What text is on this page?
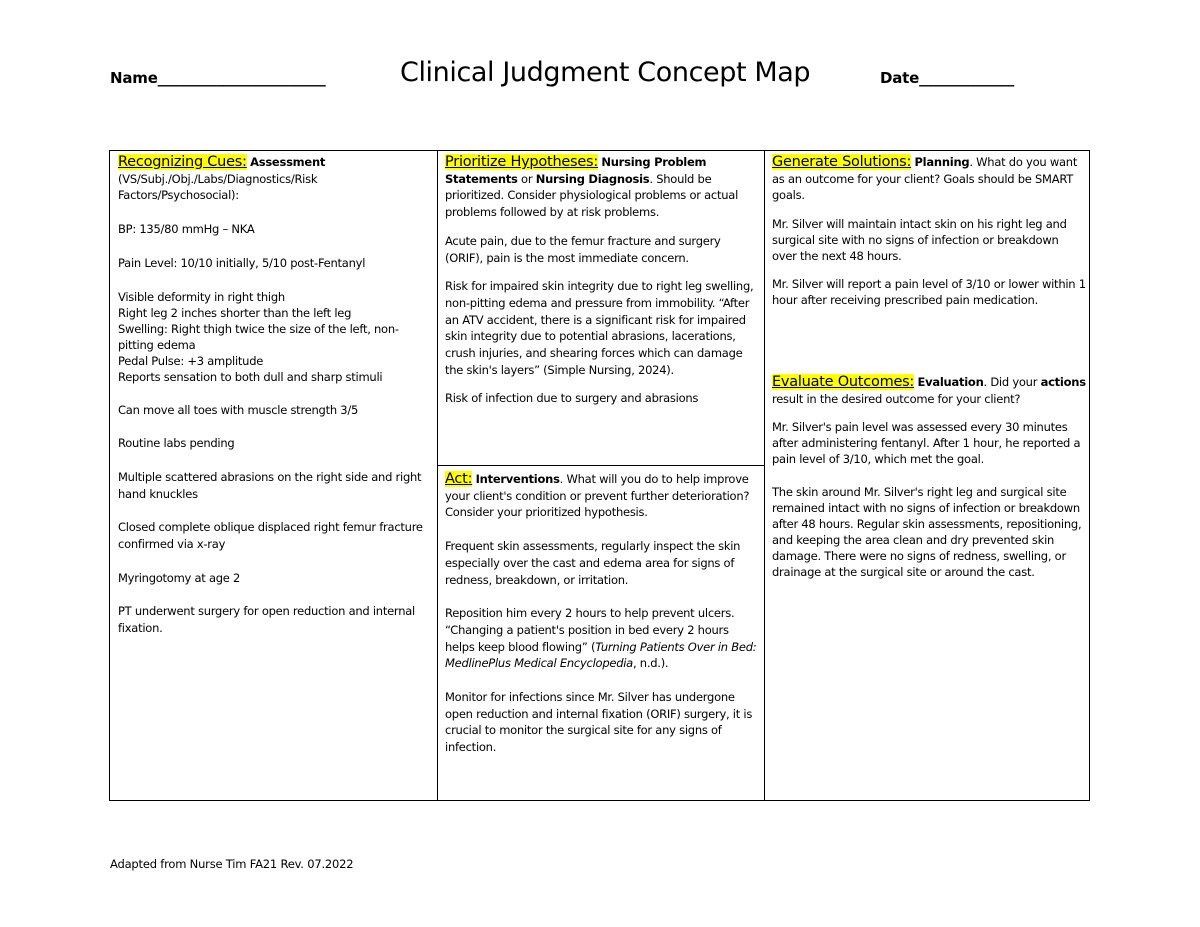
Name_______________________	Clinical Judgment Concept Map	Date_____________

Recognizing Cues: Assessment

(VS/Subj./Obj./Labs/Diagnostics/Risk Factors/Psychosocial):

BP: 135/80 mmHg – NKA

Pain Level: 10/10 initially, 5/10 post-Fentanyl

Visible deformity in right thigh

Right leg 2 inches shorter than the left leg

Swelling: Right thigh twice the size of the left, non-pitting edema

Pedal Pulse: +3 amplitude

Reports sensation to both dull and sharp stimuli

Can move all toes with muscle strength 3/5

Routine labs pending

Multiple scattered abrasions on the right side and right hand knuckles

Closed complete oblique displaced right femur fracture confirmed via x-ray

Myringotomy at age 2

PT underwent surgery for open reduction and internal fixation.

Prioritize Hypotheses: Nursing Problem Statements or Nursing Diagnosis. Should be prioritized. Consider physiological problems or actual problems followed by at risk problems.

Acute pain, due to the femur fracture and surgery (ORIF), pain is the most immediate concern.

Risk for impaired skin integrity due to right leg swelling, non-pitting edema and pressure from immobility. “After an ATV accident, there is a significant risk for impaired skin integrity due to potential abrasions, lacerations, crush injuries, and shearing forces which can damage the skin's layers” (Simple Nursing, 2024).

Risk of infection due to surgery and abrasions

Act: Interventions. What will you do to help improve your client's condition or prevent further deterioration? Consider your prioritized hypothesis.

Frequent skin assessments, regularly inspect the skin especially over the cast and edema area for signs of redness, breakdown, or irritation.

Reposition him every 2 hours to help prevent ulcers. “Changing a patient's position in bed every 2 hours helps keep blood flowing” (Turning Patients Over in Bed: MedlinePlus Medical Encyclopedia, n.d.).

Monitor for infections since Mr. Silver has undergone open reduction and internal fixation (ORIF) surgery, it is crucial to monitor the surgical site for any signs of infection.

Generate Solutions: Planning. What do you want as an outcome for your client? Goals should be SMART goals.

Mr. Silver will maintain intact skin on his right leg and surgical site with no signs of infection or breakdown over the next 48 hours.

Mr. Silver will report a pain level of 3/10 or lower within 1 hour after receiving prescribed pain medication.

Evaluate Outcomes: Evaluation. Did your actions result in the desired outcome for your client?

Mr. Silver's pain level was assessed every 30 minutes after administering fentanyl. After 1 hour, he reported a pain level of 3/10, which met the goal.

The skin around Mr. Silver's right leg and surgical site remained intact with no signs of infection or breakdown after 48 hours. Regular skin assessments, repositioning, and keeping the area clean and dry prevented skin damage. There were no signs of redness, swelling, or drainage at the surgical site or around the cast.

Adapted from Nurse Tim FA21 Rev. 07.2022
